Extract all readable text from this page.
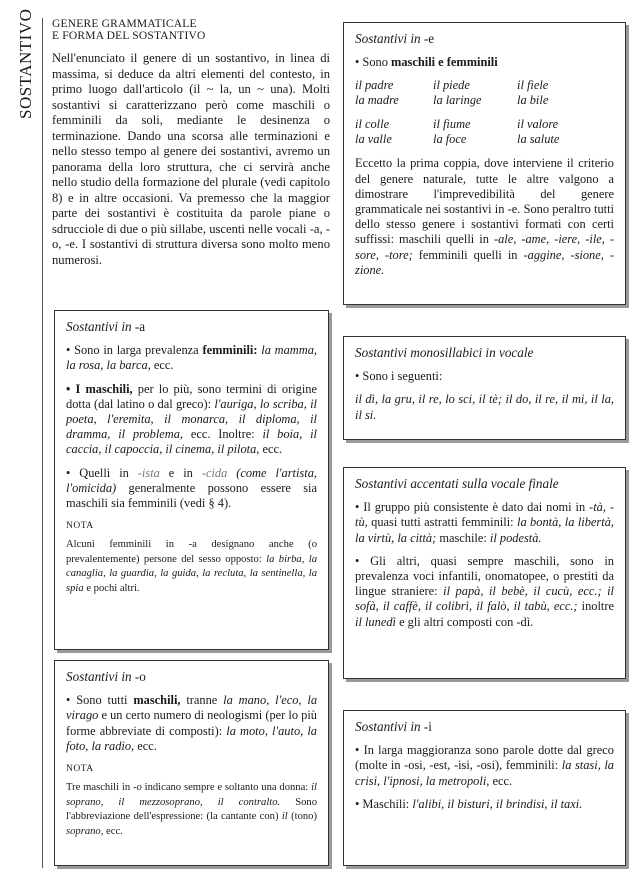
SOSTANTIVO GENERE GRAMMATICALE
E FORMA DEL SOSTANTIVO
Nell'enunciato il genere di un sostantivo, in linea di massima, si deduce da altri elementi del contesto, in primo luogo dall'articolo (il ~ la, un ~ una). Molti sostantivi si caratterizzano però come maschili o femminili da soli, mediante le desinenza o terminazione. Dando una scorsa alle terminazioni e nello stesso tempo al genere dei sostantivi, avremo un panorama della loro struttura, che ci servirà anche nello studio della formazione del plurale (vedi capitolo 8) e in altre occasioni. Va premesso che la maggior parte dei sostantivi è costituita da parole piane o sdrucciole di due o più sillabe, uscenti nelle vocali -a, -o, -e. I sostantivi di struttura diversa sono molto meno numerosi.
Sostantivi in -e
• Sono maschili e femminili
il padre	il piede	il fiele
la madre	la laringe	la bile
il colle	il fiume	il valore
la valle	la foce	la salute
Eccetto la prima coppia, dove interviene il criterio del genere naturale, tutte le altre valgono a dimostrare l'imprevedibilità del genere grammaticale nei sostantivi in -e. Sono peraltro tutti dello stesso genere i sostantivi formati con certi suffissi: maschili quelli in -ale, -ame, -iere, -ile, -sore, -tore; femminili quelli in -aggine, -sione, -zione.
Sostantivi in -a
• Sono in larga prevalenza femminili: la mamma, la rosa, la barca, ecc.
• I maschili, per lo più, sono termini di origine dotta (dal latino o dal greco): l'auriga, lo scriba, il poeta, l'eremita, il monarca, il diploma, il dramma, il problema, ecc. Inoltre: il boia, il caccia, il capoccia, il cinema, il pilota, ecc.
• Quelli in -ista e in -cida (come l'artista, l'omicida) generalmente possono essere sia maschili sia femminili (vedi § 4).
NOTA
Alcuni femminili in -a designano anche (o prevalentemente) persone del sesso opposto: la birba, la canaglia, la guardia, la guida, la recluta, la sentinella, la spia e pochi altri.
Sostantivi monosillabici in vocale
• Sono i seguenti:
il dì, la gru, il re, lo sci, il tè; il do, il re, il mi, il la, il si.
Sostantivi accentati sulla vocale finale
• Il gruppo più consistente è dato dai nomi in -tà, -tù, quasi tutti astratti femminili: la bontà, la libertà, la virtù, la città; maschile: il podestà.
• Gli altri, quasi sempre maschili, sono in prevalenza voci infantili, onomatopee, o prestiti da lingue straniere: il papà, il bebè, il cucù, ecc.; il sofà, il caffè, il colibrì, il falò, il tabù, ecc.; inoltre il lunedì e gli altri composti con -dì.
Sostantivi in -o
• Sono tutti maschili, tranne la mano, l'eco, la virago e un certo numero di neologismi (per lo più forme abbreviate di composti): la moto, l'auto, la foto, la radio, ecc.
NOTA
Tre maschili in -o indicano sempre e soltanto una donna: il soprano, il mezzosoprano, il contralto. Sono l'abbreviazione dell'espressione: (la cantante con) il (tono) soprano, ecc.
Sostantivi in -i
• In larga maggioranza sono parole dotte dal greco (molte in -osi, -est, -isi, -osi), femminili: la stasi, la crisi, l'ipnosi, la metropoli, ecc.
• Maschili: l'alibi, il bisturi, il brindisi, il taxi.
